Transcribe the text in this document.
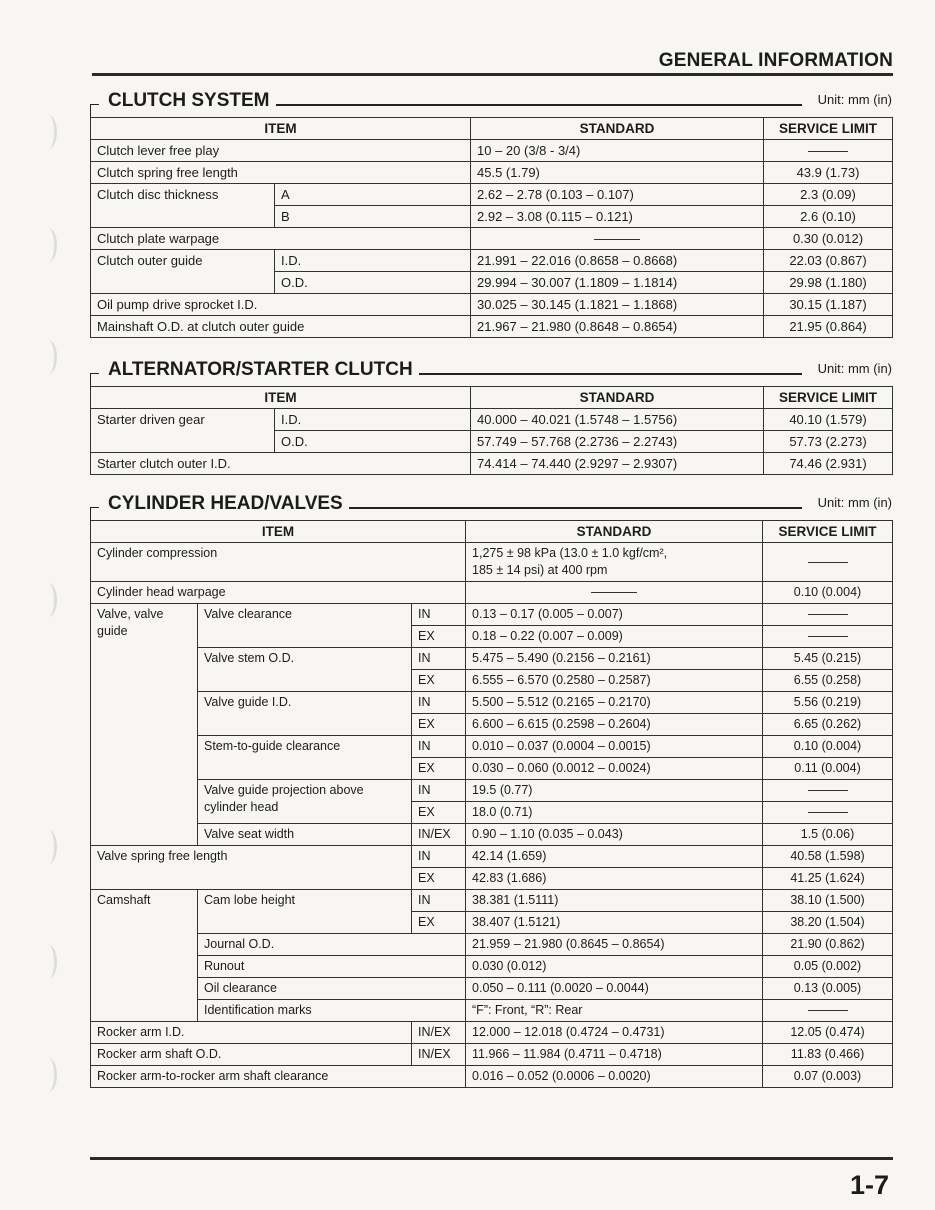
GENERAL INFORMATION
CLUTCH SYSTEM	Unit: mm (in)
ITEM		STANDARD	SERVICE LIMIT
Clutch lever free play		10 – 20 (3/8 - 3/4)	
Clutch spring free length		45.5 (1.79)	43.9 (1.73)
Clutch disc thickness	A	2.62 – 2.78 (0.103 – 0.107)	2.3 (0.09)
	B	2.92 – 3.08 (0.115 – 0.121)	2.6 (0.10)
Clutch plate warpage			0.30 (0.012)
Clutch outer guide	I.D.	21.991 – 22.016 (0.8658 – 0.8668)	22.03 (0.867)
	O.D.	29.994 – 30.007 (1.1809 – 1.1814)	29.98 (1.180)
Oil pump drive sprocket I.D.		30.025 – 30.145 (1.1821 – 1.1868)	30.15 (1.187)
Mainshaft O.D. at clutch outer guide		21.967 – 21.980 (0.8648 – 0.8654)	21.95 (0.864)
ALTERNATOR/STARTER CLUTCH	Unit: mm (in)
ITEM		STANDARD	SERVICE LIMIT
Starter driven gear	I.D.	40.000 – 40.021 (1.5748 – 1.5756)	40.10 (1.579)
	O.D.	57.749 – 57.768 (2.2736 – 2.2743)	57.73 (2.273)
Starter clutch outer I.D.		74.414 – 74.440 (2.9297 – 2.9307)	74.46 (2.931)
CYLINDER HEAD/VALVES	Unit: mm (in)
ITEM			STANDARD	SERVICE LIMIT
Cylinder compression			1,275 ± 98 kPa (13.0 ± 1.0 kgf/cm²,
185 ± 14 psi) at 400 rpm	
Cylinder head warpage				0.10 (0.004)
Valve, valve guide	Valve clearance	IN	0.13 – 0.17 (0.005 – 0.007)	
		EX	0.18 – 0.22 (0.007 – 0.009)	
	Valve stem O.D.	IN	5.475 – 5.490 (0.2156 – 0.2161)	5.45 (0.215)
		EX	6.555 – 6.570 (0.2580 – 0.2587)	6.55 (0.258)
	Valve guide I.D.	IN	5.500 – 5.512 (0.2165 – 0.2170)	5.56 (0.219)
		EX	6.600 – 6.615 (0.2598 – 0.2604)	6.65 (0.262)
	Stem-to-guide clearance	IN	0.010 – 0.037 (0.0004 – 0.0015)	0.10 (0.004)
		EX	0.030 – 0.060 (0.0012 – 0.0024)	0.11 (0.004)
	Valve guide projection above cylinder head	IN	19.5 (0.77)	
		EX	18.0 (0.71)	
	Valve seat width	IN/EX	0.90 – 1.10 (0.035 – 0.043)	1.5 (0.06)
Valve spring free length		IN	42.14 (1.659)	40.58 (1.598)
		EX	42.83 (1.686)	41.25 (1.624)
Camshaft	Cam lobe height	IN	38.381 (1.5111)	38.10 (1.500)
		EX	38.407 (1.5121)	38.20 (1.504)
	Journal O.D.		21.959 – 21.980 (0.8645 – 0.8654)	21.90 (0.862)
	Runout		0.030 (0.012)	0.05 (0.002)
	Oil clearance		0.050 – 0.111 (0.0020 – 0.0044)	0.13 (0.005)
	Identification marks		“F”: Front, “R”: Rear	
Rocker arm I.D.		IN/EX	12.000 – 12.018 (0.4724 – 0.4731)	12.05 (0.474)
Rocker arm shaft O.D.		IN/EX	11.966 – 11.984 (0.4711 – 0.4718)	11.83 (0.466)
Rocker arm-to-rocker arm shaft clearance			0.016 – 0.052 (0.0006 – 0.0020)	0.07 (0.003)
1-7
